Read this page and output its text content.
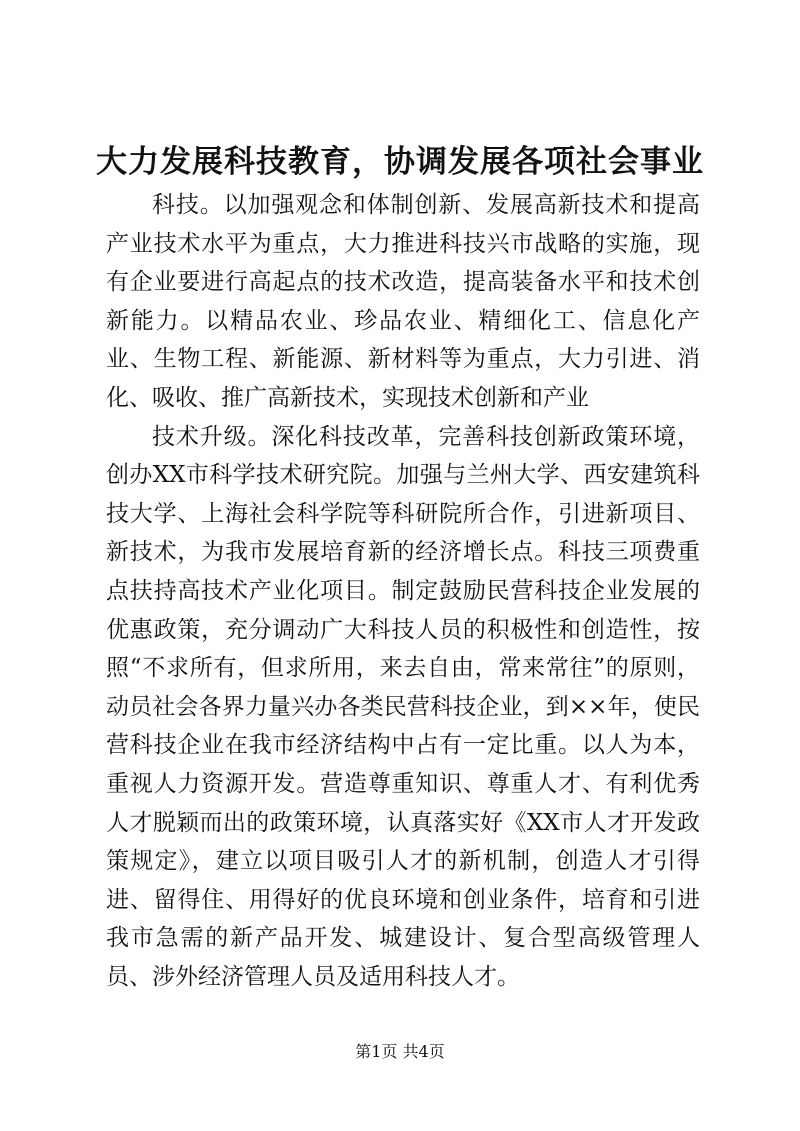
大力发展科技教育，协调发展各项社会事业

科技。以加强观念和体制创新、发展高新技术和提高产业技术水平为重点，大力推进科技兴市战略的实施，现有企业要进行高起点的技术改造，提高装备水平和技术创新能力。以精品农业、珍品农业、精细化工、信息化产业、生物工程、新能源、新材料等为重点，大力引进、消化、吸收、推广高新技术，实现技术创新和产业

技术升级。深化科技改革，完善科技创新政策环境，创办XX市科学技术研究院。加强与兰州大学、西安建筑科技大学、上海社会科学院等科研院所合作，引进新项目、新技术，为我市发展培育新的经济增长点。科技三项费重点扶持高技术产业化项目。制定鼓励民营科技企业发展的优惠政策，充分调动广大科技人员的积极性和创造性，按照“不求所有，但求所用，来去自由，常来常往”的原则，动员社会各界力量兴办各类民营科技企业，到××年，使民营科技企业在我市经济结构中占有一定比重。以人为本，重视人力资源开发。营造尊重知识、尊重人才、有利优秀人才脱颖而出的政策环境，认真落实好《XX市人才开发政策规定》，建立以项目吸引人才的新机制，创造人才引得进、留得住、用得好的优良环境和创业条件，培育和引进我市急需的新产品开发、城建设计、复合型高级管理人员、涉外经济管理人员及适用科技人才。

第1页 共4页
